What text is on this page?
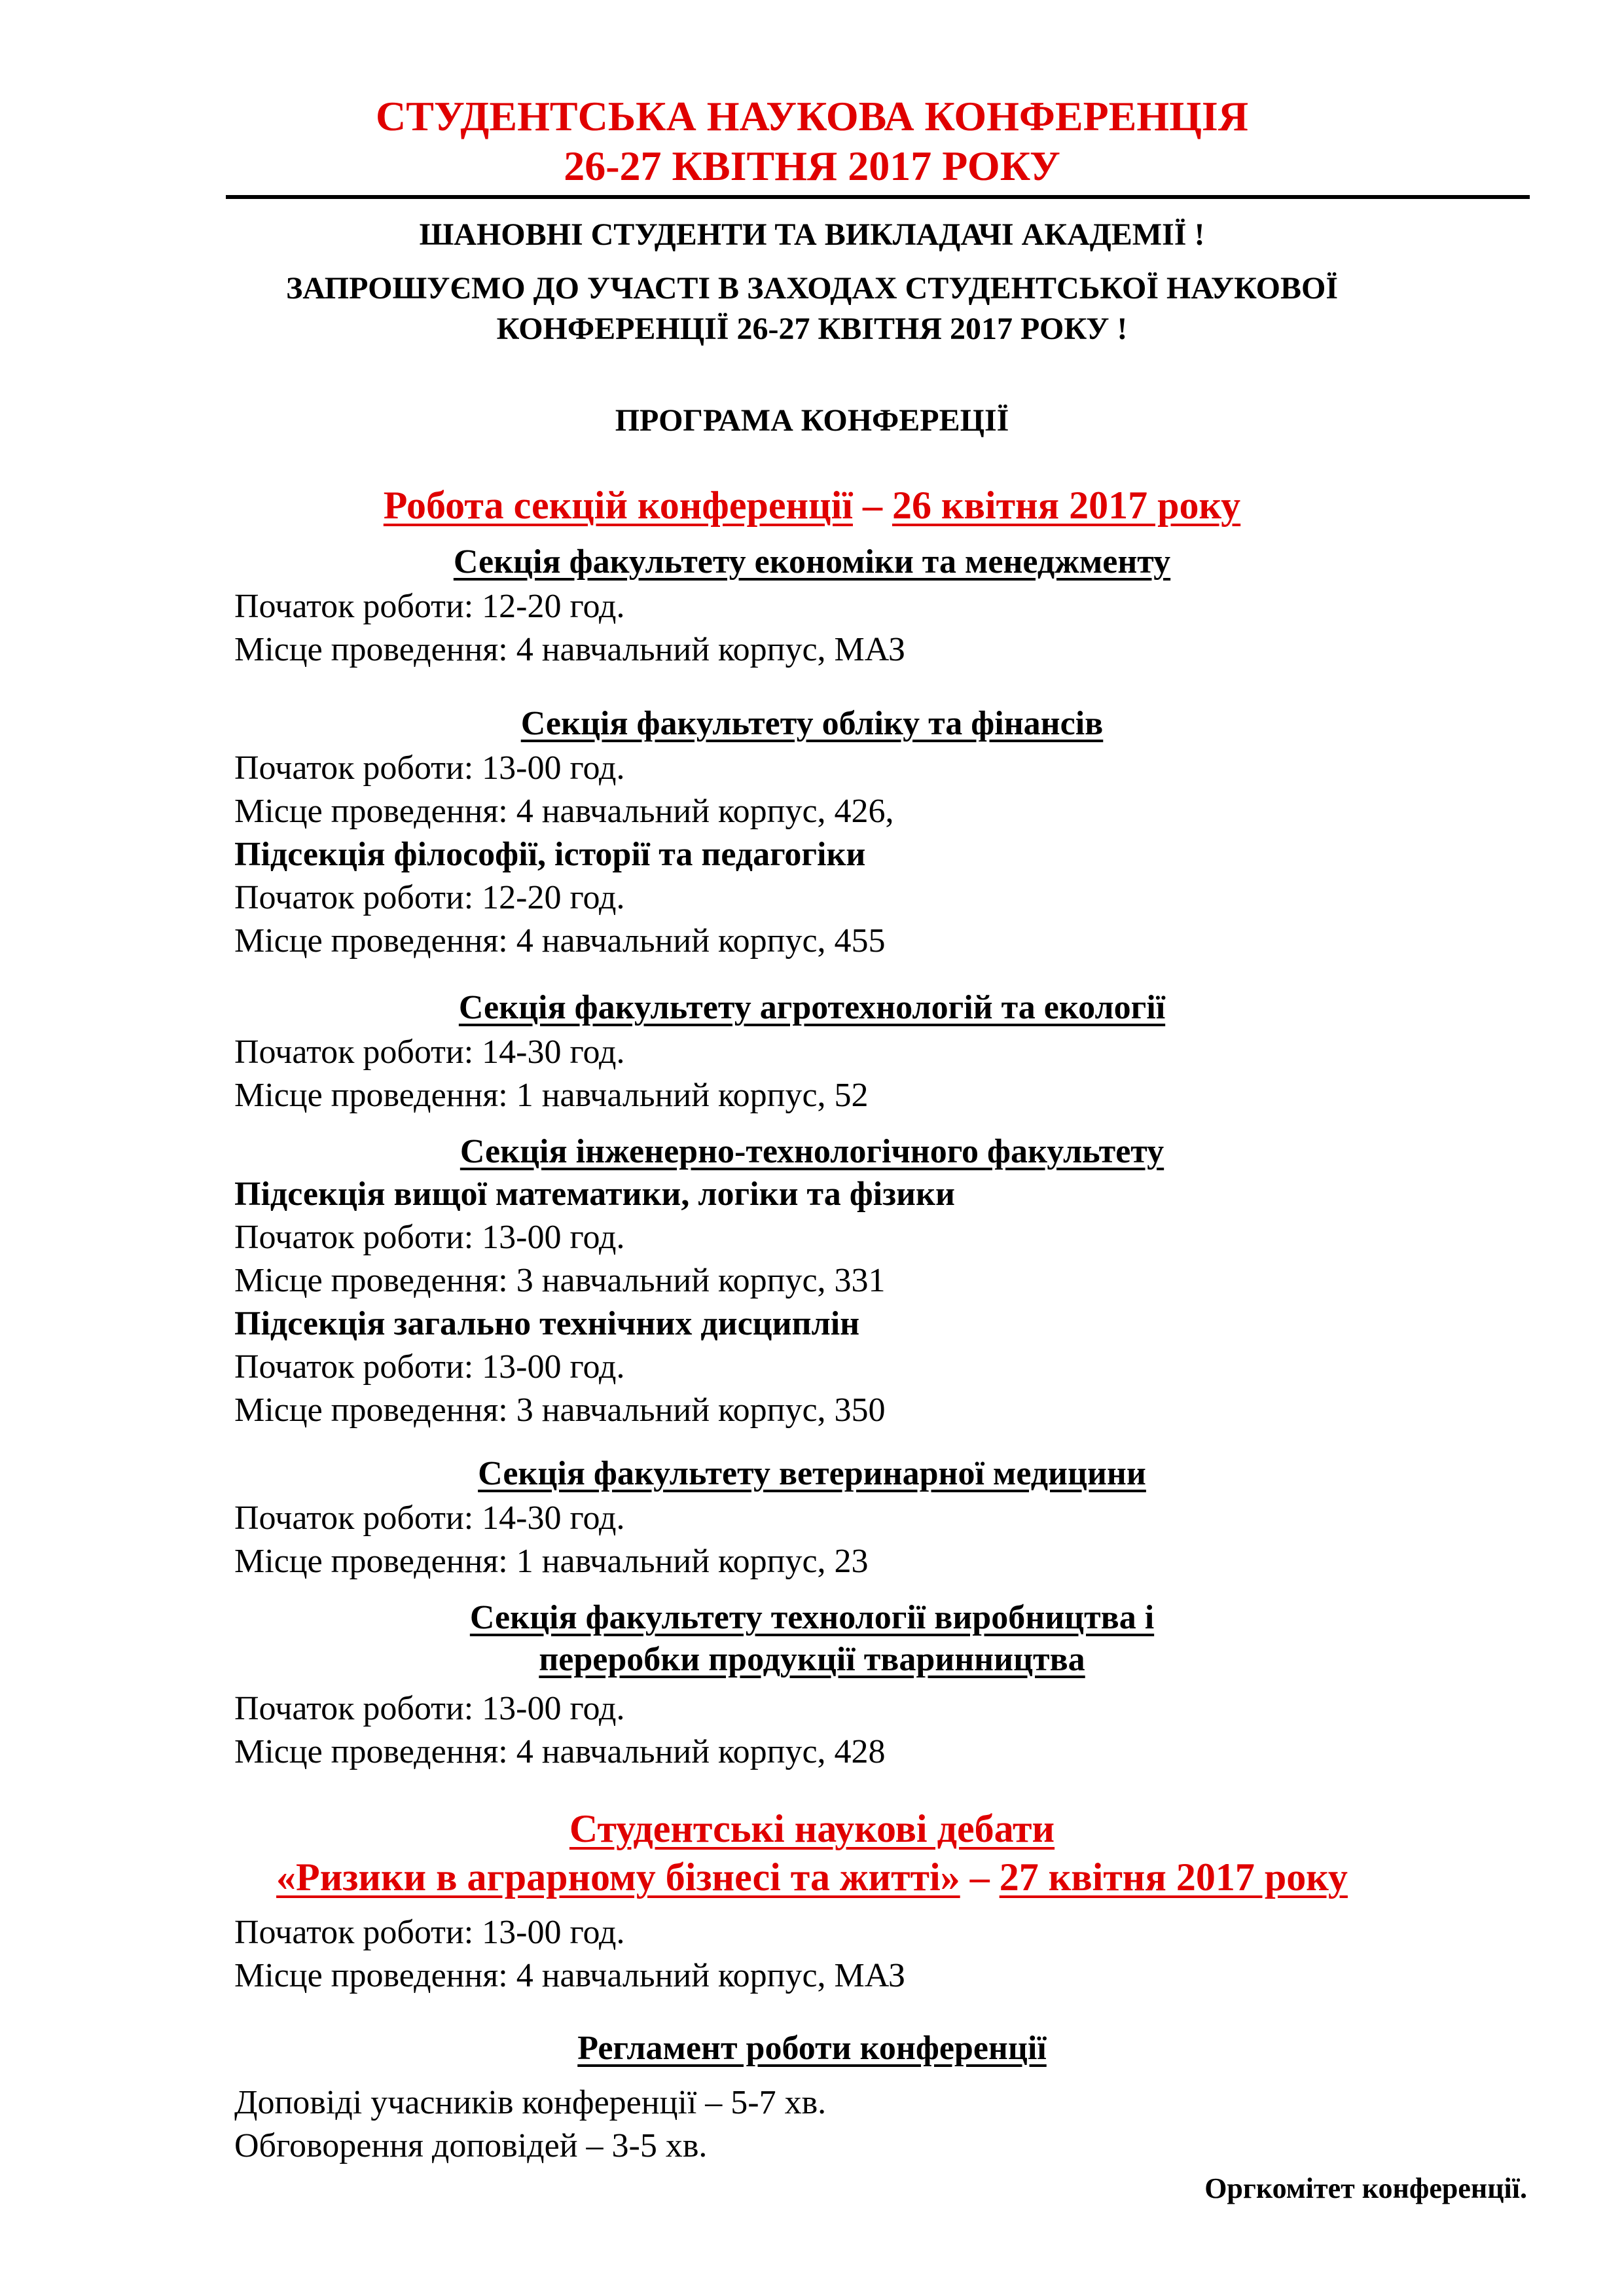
СТУДЕНТСЬКА НАУКОВА КОНФЕРЕНЦІЯ
26-27 КВІТНЯ 2017 РОКУ
ШАНОВНІ СТУДЕНТИ ТА ВИКЛАДАЧІ АКАДЕМІЇ !
ЗАПРОШУЄМО ДО УЧАСТІ В ЗАХОДАХ СТУДЕНТСЬКОЇ НАУКОВОЇ
КОНФЕРЕНЦІЇ 26-27 КВІТНЯ 2017 РОКУ !
ПРОГРАМА КОНФЕРЕЦІЇ
Робота секцій конференції – 26 квітня 2017 року
Секція факультету економіки та менеджменту
Початок роботи: 12-20 год.
Місце проведення: 4 навчальний корпус, МАЗ
Секція факультету обліку та фінансів
Початок роботи: 13-00 год.
Місце проведення: 4 навчальний корпус, 426,
Підсекція філософії, історії та педагогіки
Початок роботи: 12-20 год.
Місце проведення: 4 навчальний корпус, 455
Секція факультету агротехнологій та екології
Початок роботи: 14-30 год.
Місце проведення: 1 навчальний корпус, 52
Секція інженерно-технологічного факультету
Підсекція вищої математики, логіки та фізики
Початок роботи: 13-00 год.
Місце проведення: 3 навчальний корпус, 331
Підсекція загально технічних дисциплін
Початок роботи: 13-00 год.
Місце проведення: 3 навчальний корпус, 350
Секція факультету ветеринарної медицини
Початок роботи: 14-30 год.
Місце проведення: 1 навчальний корпус, 23
Секція факультету технології виробництва і
переробки продукції тваринництва
Початок роботи: 13-00 год.
Місце проведення: 4 навчальний корпус, 428
Студентські наукові дебати
«Ризики в аграрному бізнесі та житті» – 27 квітня 2017 року
Початок роботи: 13-00 год.
Місце проведення: 4 навчальний корпус, МАЗ
Регламент роботи конференції
Доповіді учасників конференції – 5-7 хв.
Обговорення доповідей – 3-5 хв.
Оргкомітет конференції.
